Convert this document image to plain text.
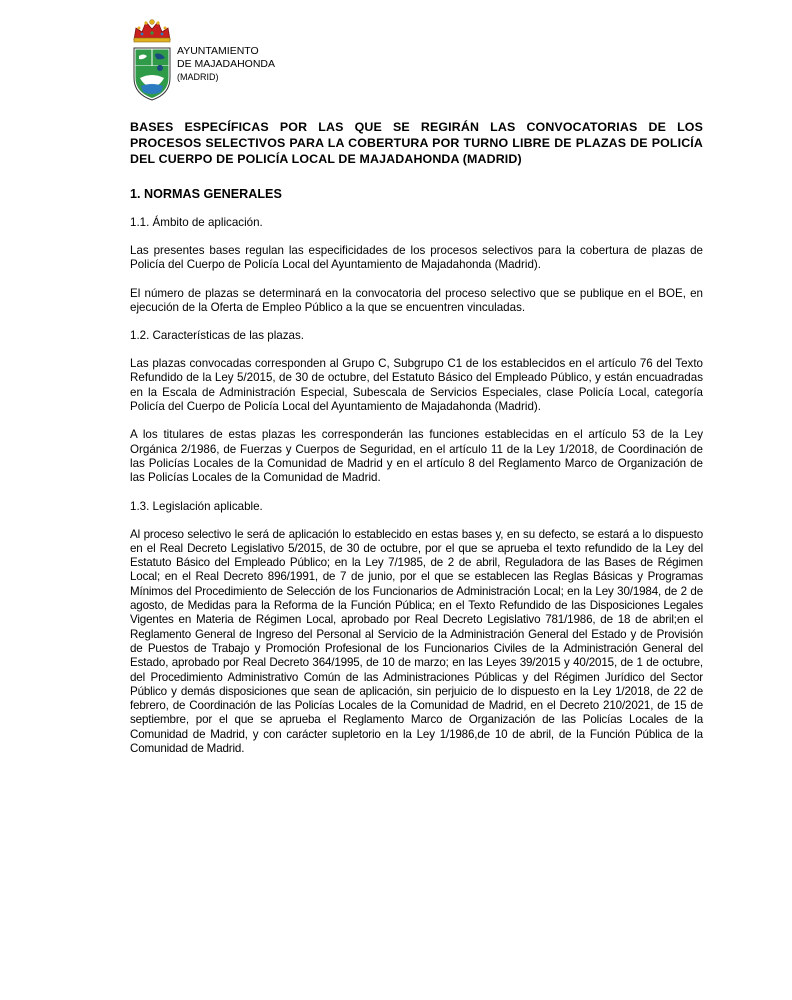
AYUNTAMIENTO
DE MAJADAHONDA
(MADRID)
BASES ESPECÍFICAS POR LAS QUE SE REGIRÁN LAS CONVOCATORIAS DE LOS PROCESOS SELECTIVOS PARA LA COBERTURA POR TURNO LIBRE DE PLAZAS DE POLICÍA DEL CUERPO DE POLICÍA LOCAL DE MAJADAHONDA (MADRID)
1. NORMAS GENERALES
1.1. Ámbito de aplicación.

Las presentes bases regulan las especificidades de los procesos selectivos para la cobertura de plazas de Policía del Cuerpo de Policía Local del Ayuntamiento de Majadahonda (Madrid).

El número de plazas se determinará en la convocatoria del proceso selectivo que se publique en el BOE, en ejecución de la Oferta de Empleo Público a la que se encuentren vinculadas.

1.2. Características de las plazas.

Las plazas convocadas corresponden al Grupo C, Subgrupo C1 de los establecidos en el artículo 76 del Texto Refundido de la Ley 5/2015, de 30 de octubre, del Estatuto Básico del Empleado Público, y están encuadradas en la Escala de Administración Especial, Subescala de Servicios Especiales, clase Policía Local, categoría Policía del Cuerpo de Policía Local del Ayuntamiento de Majadahonda (Madrid).

A los titulares de estas plazas les corresponderán las funciones establecidas en el artículo 53 de la Ley Orgánica 2/1986, de Fuerzas y Cuerpos de Seguridad, en el artículo 11 de la Ley 1/2018, de Coordinación de las Policías Locales de la Comunidad de Madrid y en el artículo 8 del Reglamento Marco de Organización de las Policías Locales de la Comunidad de Madrid.

1.3. Legislación aplicable.

Al proceso selectivo le será de aplicación lo establecido en estas bases y, en su defecto, se estará a lo dispuesto en el Real Decreto Legislativo 5/2015, de 30 de octubre, por el que se aprueba el texto refundido de la Ley del Estatuto Básico del Empleado Público; en la Ley 7/1985, de 2 de abril, Reguladora de las Bases de Régimen Local; en el Real Decreto 896/1991, de 7 de junio, por el que se establecen las Reglas Básicas y Programas Mínimos del Procedimiento de Selección de los Funcionarios de Administración Local; en la Ley 30/1984, de 2 de agosto, de Medidas para la Reforma de la Función Pública; en el Texto Refundido de las Disposiciones Legales Vigentes en Materia de Régimen Local, aprobado por Real Decreto Legislativo 781/1986, de 18 de abril;en el Reglamento General de Ingreso del Personal al Servicio de la Administración General del Estado y de Provisión de Puestos de Trabajo y Promoción Profesional de los Funcionarios Civiles de la Administración General del Estado, aprobado por Real Decreto 364/1995, de 10 de marzo; en las Leyes 39/2015 y 40/2015, de 1 de octubre, del Procedimiento Administrativo Común de las Administraciones Públicas y del Régimen Jurídico del Sector Público y demás disposiciones que sean de aplicación, sin perjuicio de lo dispuesto en la Ley 1/2018, de 22 de febrero, de Coordinación de las Policías Locales de la Comunidad de Madrid, en el Decreto 210/2021, de 15 de septiembre, por el que se aprueba el Reglamento Marco de Organización de las Policías Locales de la Comunidad de Madrid, y con carácter supletorio en la Ley 1/1986,de 10 de abril, de la Función Pública de la Comunidad de Madrid.
